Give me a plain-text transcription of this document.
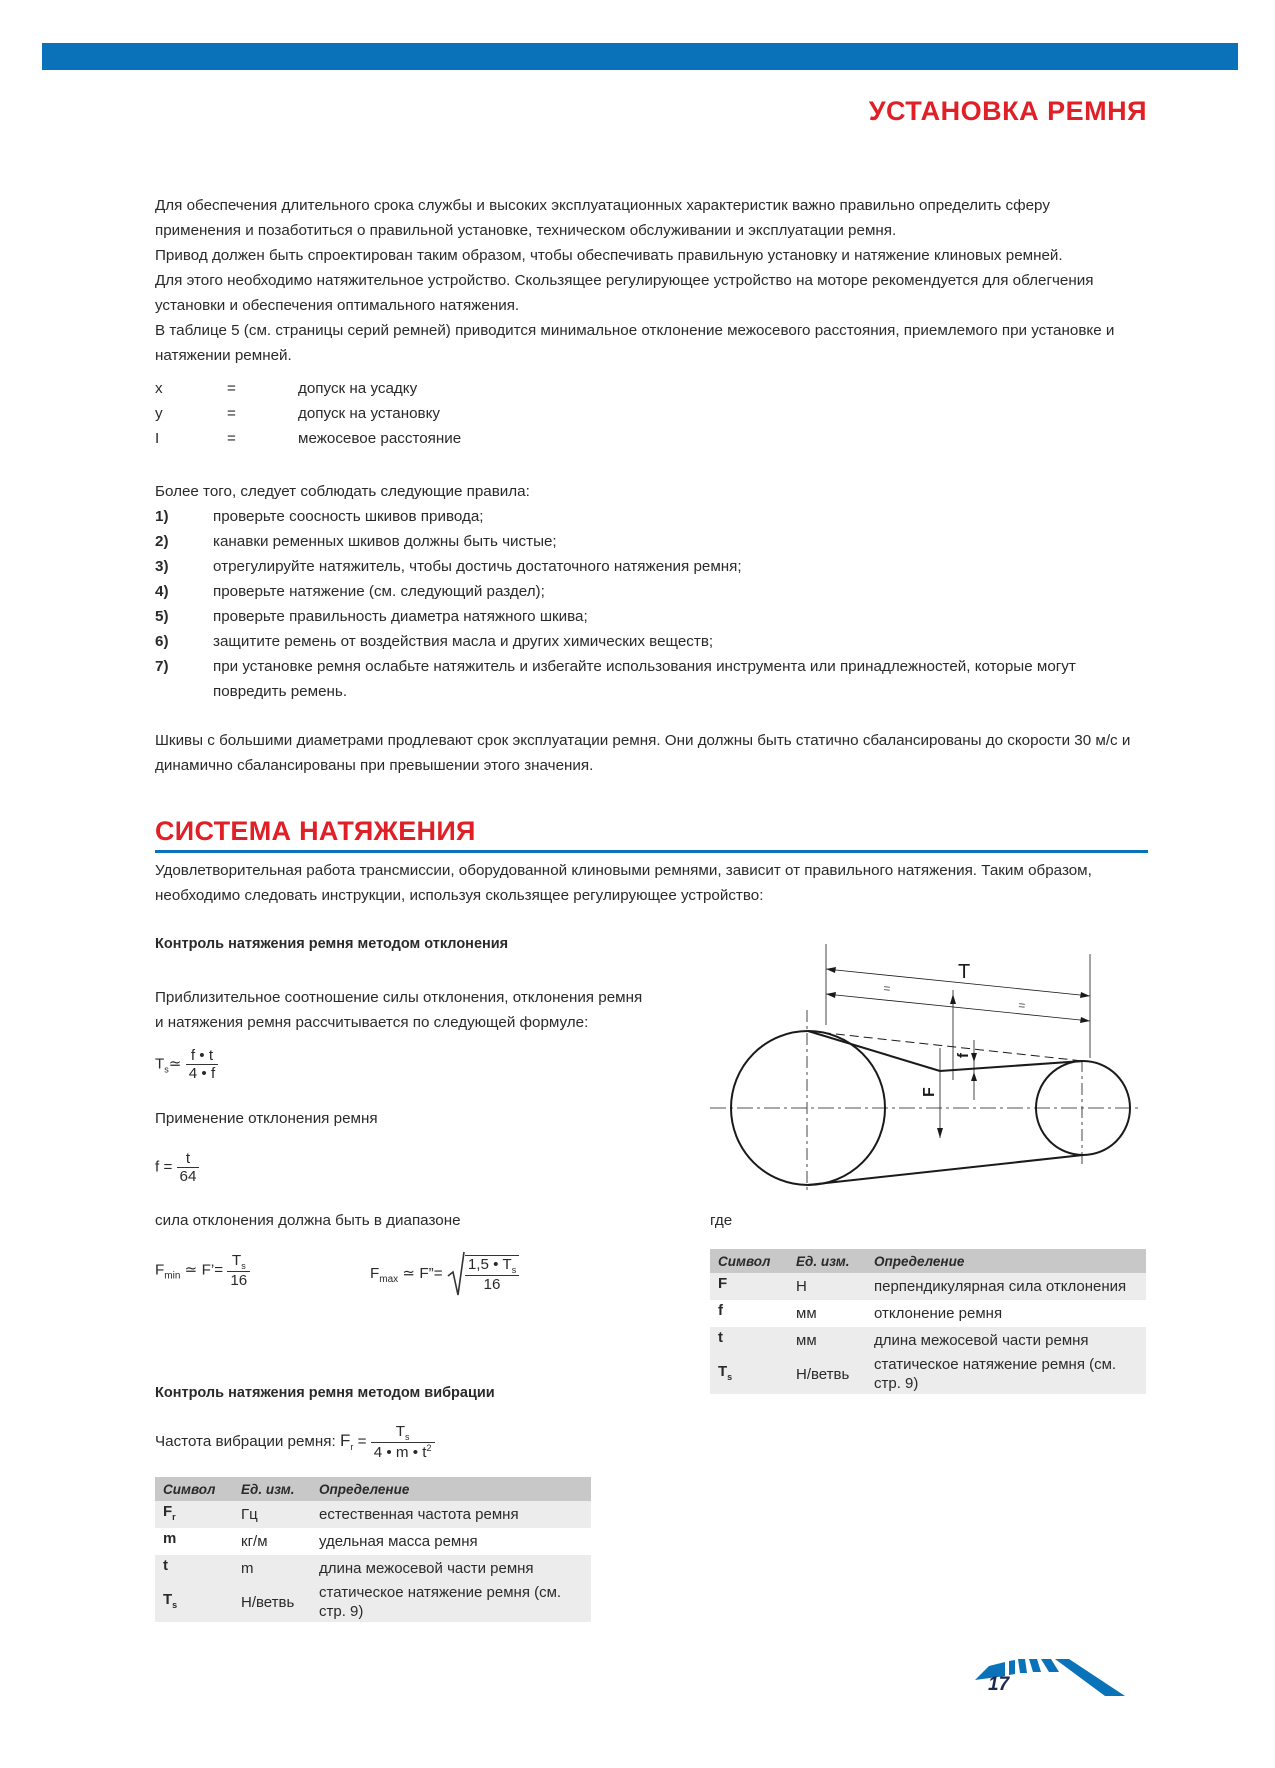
УСТАНОВКА РЕМНЯ

Для обеспечения длительного срока службы и высоких эксплуатационных характеристик важно правильно определить сферу применения и позаботиться о правильной установке, техническом обслуживании и эксплуатации ремня.

Привод должен быть спроектирован таким образом, чтобы обеспечивать правильную установку и натяжение клиновых ремней.

Для этого необходимо натяжительное устройство. Скользящее регулирующее устройство на моторе рекомендуется для облегчения установки и обеспечения оптимального натяжения.

В таблице 5 (см. страницы серий ремней) приводится минимальное отклонение межосевого расстояния, приемлемого при установке и натяжении ремней.

x	=	допуск на усадку
y	=	допуск на установку
I	=	межосевое расстояние
Более того, следует соблюдать следующие правила:
1)	проверьте соосность шкивов привода;
2)	канавки ременных шкивов должны быть чистые;
3)	отрегулируйте натяжитель, чтобы достичь достаточного натяжения ремня;
4)	проверьте натяжение (см. следующий раздел);
5)	проверьте правильность диаметра натяжного шкива;
6)	защитите ремень от воздействия масла и других химических веществ;
7)	при установке ремня ослабьте натяжитель и избегайте использования инструмента или принадлежностей, которые могут повредить ремень.
Шкивы с большими диаметрами продлевают срок эксплуатации ремня. Они должны быть статично сбалансированы до скорости 30 м/с и динамично сбалансированы при превышении этого значения.
СИСТЕМА НАТЯЖЕНИЯ
Удовлетворительная работа трансмиссии, оборудованной клиновыми ремнями, зависит от правильного натяжения. Таким образом, необходимо следовать инструкции, используя скользящее регулирующее устройство:
Контроль натяжения ремня методом отклонения
Приблизительное соотношение силы отклонения, отклонения ремня
и натяжения ремня рассчитывается по следующей формуле:
$T_s≃ \frac{f • t}{4 • f}$
Применение отклонения ремня
$f = \frac{t}{64}$
сила отклонения должна быть в диапазоне
$F_{min}$ ≃ F’= $\frac{T_s}{16}$	$F_{max}$ ≃ F”= $\frac{1,5 • T_s}{16}$
T
=
=
F
f
где
Символ	Ед. изм.	Определение
F	Н	перпендикулярная сила отклонения
f	мм	отклонение ремня
t	мм	длина межосевой части ремня
$T_s$	Н/ветвь	статическое натяжение ремня (см. стр. 9)
Контроль натяжения ремня методом вибрации
Частота вибрации ремня: $F_r = \frac{T_s}{4 • m • t^2}$
Символ	Ед. изм.	Определение
$F_r$	Гц	естественная частота ремня
m	кг/м	удельная масса ремня
t	m	длина межосевой части ремня
$T_s$	Н/ветвь	статическое натяжение ремня (см. стр. 9)
17
